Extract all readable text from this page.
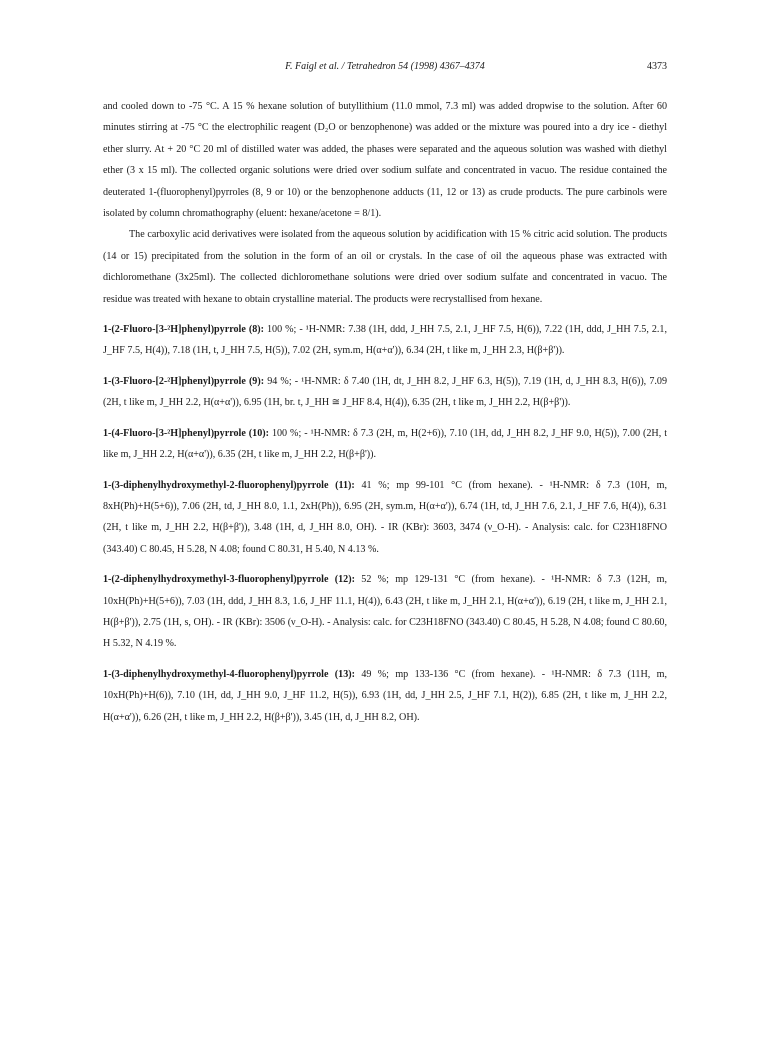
F. Faigl et al. / Tetrahedron 54 (1998) 4367–4374	4373

and cooled down to -75 °C. A 15 % hexane solution of butyllithium (11.0 mmol, 7.3 ml) was added dropwise to the solution. After 60 minutes stirring at -75 °C the electrophilic reagent (D₂O or benzophenone) was added or the mixture was poured into a dry ice - diethyl ether slurry. At + 20 °C 20 ml of distilled water was added, the phases were separated and the aqueous solution was washed with diethyl ether (3 x 15 ml). The collected organic solutions were dried over sodium sulfate and concentrated in vacuo. The residue contained the deuterated 1-(fluorophenyl)pyrroles (8, 9 or 10) or the benzophenone adducts (11, 12 or 13) as crude products. The pure carbinols were isolated by column chromathography (eluent: hexane/acetone = 8/1).

The carboxylic acid derivatives were isolated from the aqueous solution by acidification with 15 % citric acid solution. The products (14 or 15) precipitated from the solution in the form of an oil or crystals. In the case of oil the aqueous phase was extracted with dichloromethane (3x25ml). The collected dichloromethane solutions were dried over sodium sulfate and concentrated in vacuo. The residue was treated with hexane to obtain crystalline material. The products were recrystallised from hexane.

1-(2-Fluoro-[3-²H]phenyl)pyrrole (8): 100 %; - ¹H-NMR: 7.38 (1H, ddd, J_HH 7.5, 2.1, J_HF 7.5, H(6)), 7.22 (1H, ddd, J_HH 7.5, 2.1, J_HF 7.5, H(4)), 7.18 (1H, t, J_HH 7.5, H(5)), 7.02 (2H, sym.m, H(α+α')), 6.34 (2H, t like m, J_HH 2.3, H(β+β')).

1-(3-Fluoro-[2-²H]phenyl)pyrrole (9): 94 %; - ¹H-NMR: δ 7.40 (1H, dt, J_HH 8.2, J_HF 6.3, H(5)), 7.19 (1H, d, J_HH 8.3, H(6)), 7.09 (2H, t like m, J_HH 2.2, H(α+α')), 6.95 (1H, br. t, J_HH ≅ J_HF 8.4, H(4)), 6.35 (2H, t like m, J_HH 2.2, H(β+β')).

1-(4-Fluoro-[3-²H]phenyl)pyrrole (10): 100 %; - ¹H-NMR: δ 7.3 (2H, m, H(2+6)), 7.10 (1H, dd, J_HH 8.2, J_HF 9.0, H(5)), 7.00 (2H, t like m, J_HH 2.2, H(α+α')), 6.35 (2H, t like m, J_HH 2.2, H(β+β')).

1-(3-diphenylhydroxymethyl-2-fluorophenyl)pyrrole (11): 41 %; mp 99-101 °C (from hexane). - ¹H-NMR: δ 7.3 (10H, m, 8xH(Ph)+H(5+6)), 7.06 (2H, td, J_HH 8.0, 1.1, 2xH(Ph)), 6.95 (2H, sym.m, H(α+α')), 6.74 (1H, td, J_HH 7.6, 2.1, J_HF 7.6, H(4)), 6.31 (2H, t like m, J_HH 2.2, H(β+β')), 3.48 (1H, d, J_HH 8.0, OH). - IR (KBr): 3603, 3474 (ν_O-H). - Analysis: calc. for C23H18FNO (343.40) C 80.45, H 5.28, N 4.08; found C 80.31, H 5.40, N 4.13 %.

1-(2-diphenylhydroxymethyl-3-fluorophenyl)pyrrole (12): 52 %; mp 129-131 °C (from hexane). - ¹H-NMR: δ 7.3 (12H, m, 10xH(Ph)+H(5+6)), 7.03 (1H, ddd, J_HH 8.3, 1.6, J_HF 11.1, H(4)), 6.43 (2H, t like m, J_HH 2.1, H(α+α')), 6.19 (2H, t like m, J_HH 2.1, H(β+β')), 2.75 (1H, s, OH). - IR (KBr): 3506 (ν_O-H). - Analysis: calc. for C23H18FNO (343.40) C 80.45, H 5.28, N 4.08; found C 80.60, H 5.32, N 4.19 %.

1-(3-diphenylhydroxymethyl-4-fluorophenyl)pyrrole (13): 49 %; mp 133-136 °C (from hexane). - ¹H-NMR: δ 7.3 (11H, m, 10xH(Ph)+H(6)), 7.10 (1H, dd, J_HH 9.0, J_HF 11.2, H(5)), 6.93 (1H, dd, J_HH 2.5, J_HF 7.1, H(2)), 6.85 (2H, t like m, J_HH 2.2, H(α+α')), 6.26 (2H, t like m, J_HH 2.2, H(β+β')), 3.45 (1H, d, J_HH 8.2, OH).
